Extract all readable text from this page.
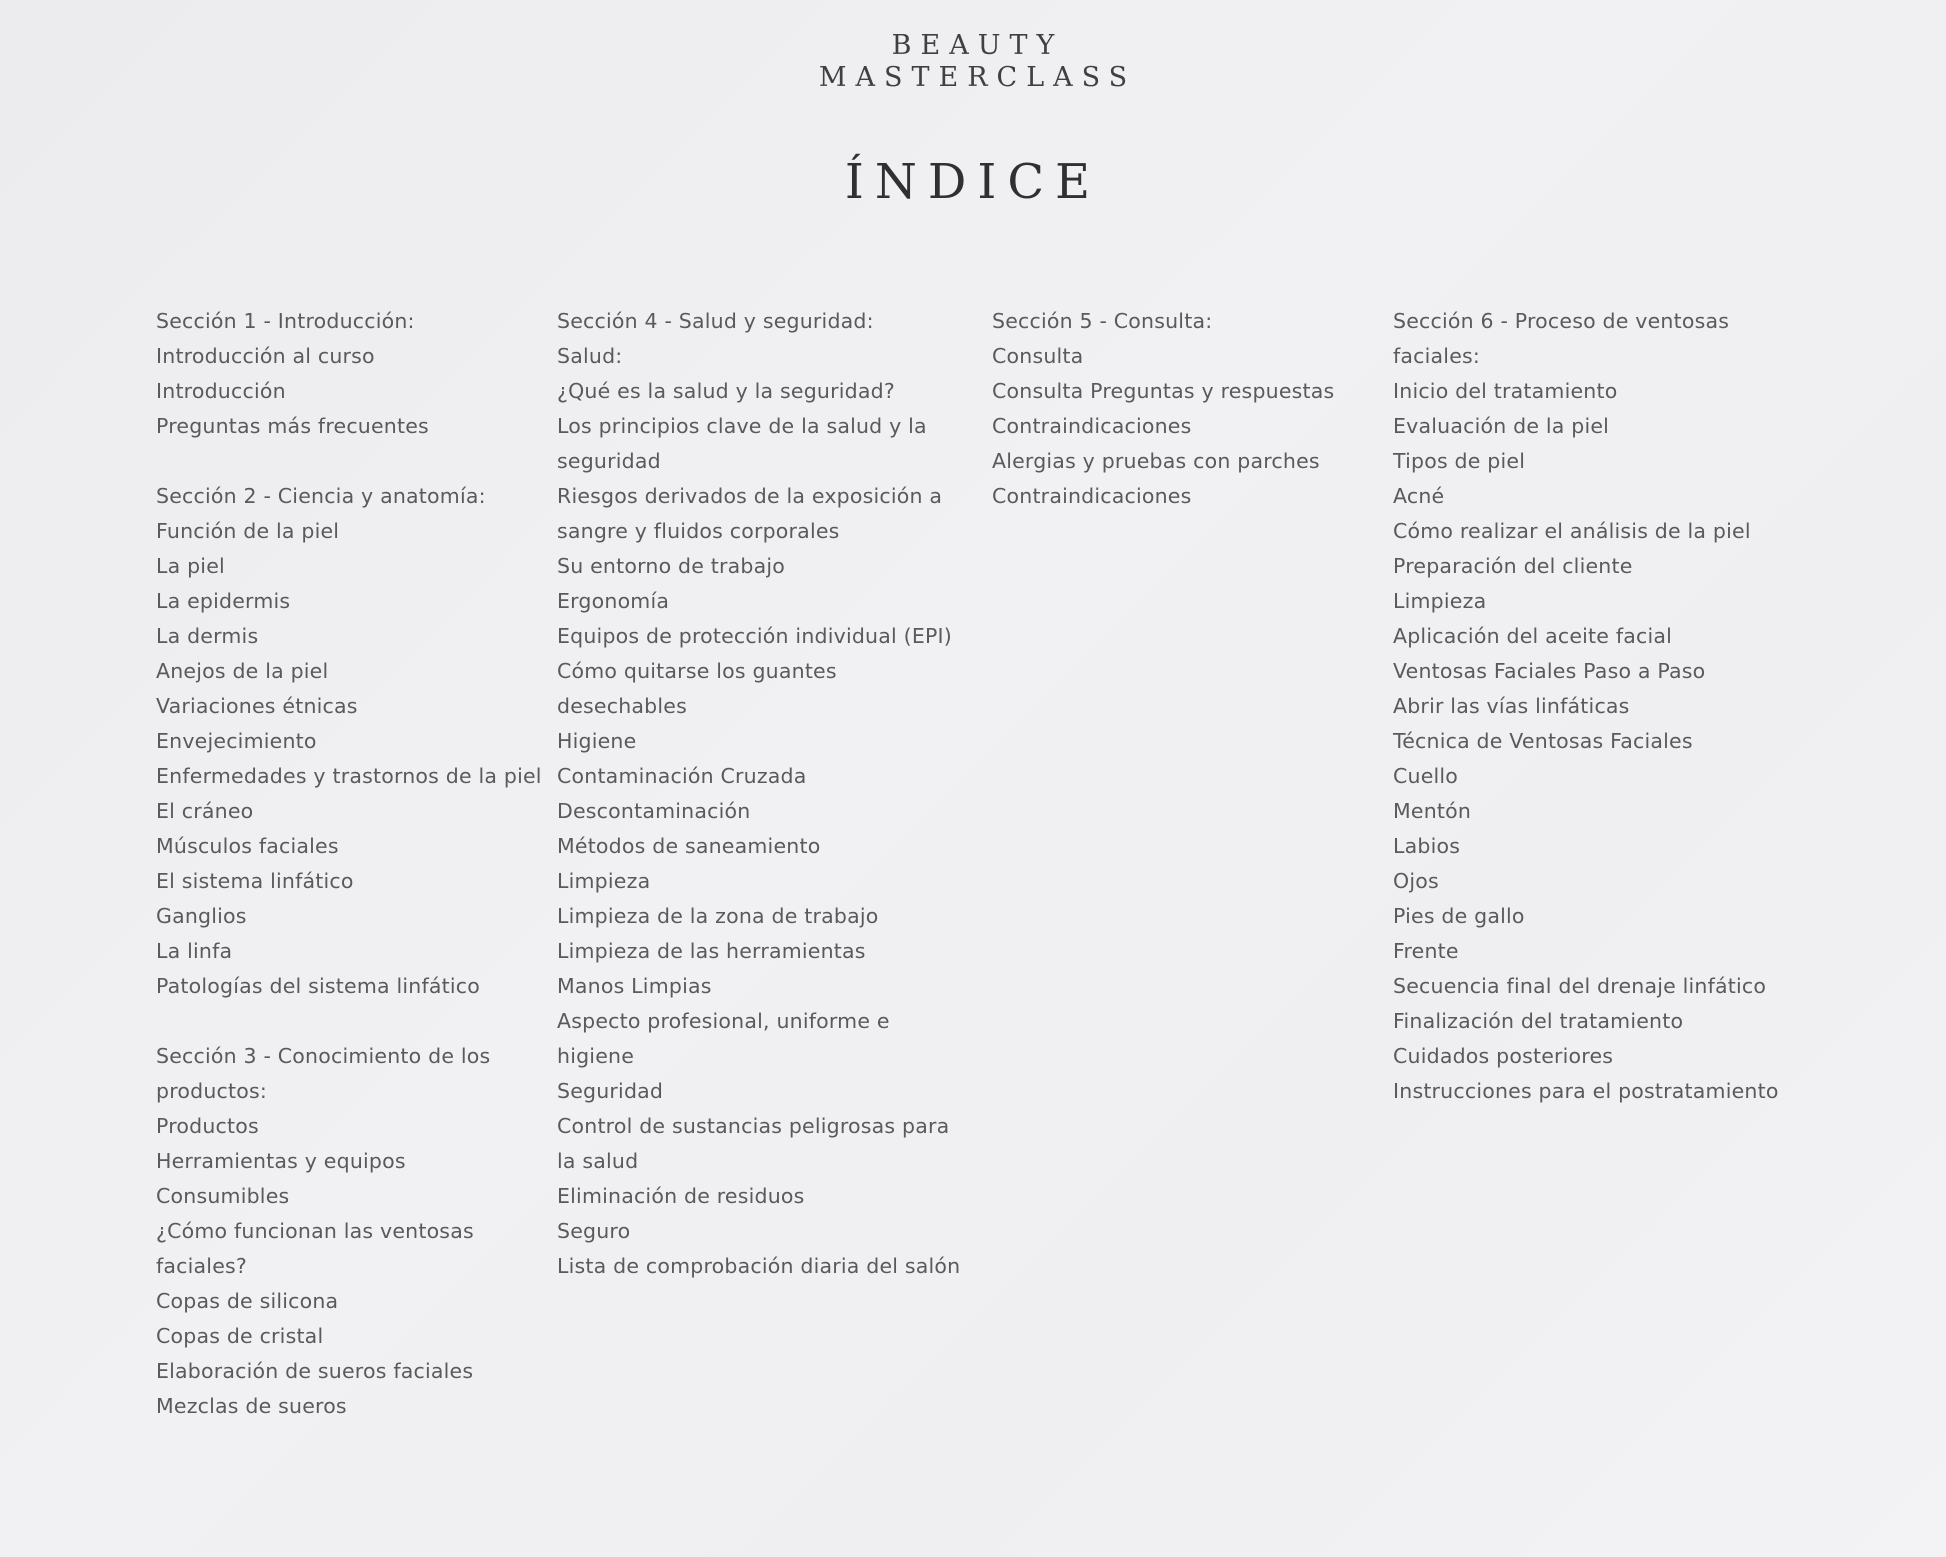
BEAUTY
MASTERCLASS
ÍNDICE
Sección 1 - Introducción:
Introducción al curso
Introducción
Preguntas más frecuentes
Sección 2 - Ciencia y anatomía:
Función de la piel
La piel
La epidermis
La dermis
Anejos de la piel
Variaciones étnicas
Envejecimiento
Enfermedades y trastornos de la piel
El cráneo
Músculos faciales
El sistema linfático
Ganglios
La linfa
Patologías del sistema linfático
Sección 3 - Conocimiento de los
productos:
Productos
Herramientas y equipos
Consumibles
¿Cómo funcionan las ventosas
faciales?
Copas de silicona
Copas de cristal
Elaboración de sueros faciales
Mezclas de sueros
Sección 4 - Salud y seguridad:
Salud:
¿Qué es la salud y la seguridad?
Los principios clave de la salud y la
seguridad
Riesgos derivados de la exposición a
sangre y fluidos corporales
Su entorno de trabajo
Ergonomía
Equipos de protección individual (EPI)
Cómo quitarse los guantes
desechables
Higiene
Contaminación Cruzada
Descontaminación
Métodos de saneamiento
Limpieza
Limpieza de la zona de trabajo
Limpieza de las herramientas
Manos Limpias
Aspecto profesional, uniforme e
higiene
Seguridad
Control de sustancias peligrosas para
la salud
Eliminación de residuos
Seguro
Lista de comprobación diaria del salón
Sección 5 - Consulta:
Consulta
Consulta Preguntas y respuestas
Contraindicaciones
Alergias y pruebas con parches
Contraindicaciones
Sección 6 - Proceso de ventosas
faciales:
Inicio del tratamiento
Evaluación de la piel
Tipos de piel
Acné
Cómo realizar el análisis de la piel
Preparación del cliente
Limpieza
Aplicación del aceite facial
Ventosas Faciales Paso a Paso
Abrir las vías linfáticas
Técnica de Ventosas Faciales
Cuello
Mentón
Labios
Ojos
Pies de gallo
Frente
Secuencia final del drenaje linfático
Finalización del tratamiento
Cuidados posteriores
Instrucciones para el postratamiento
